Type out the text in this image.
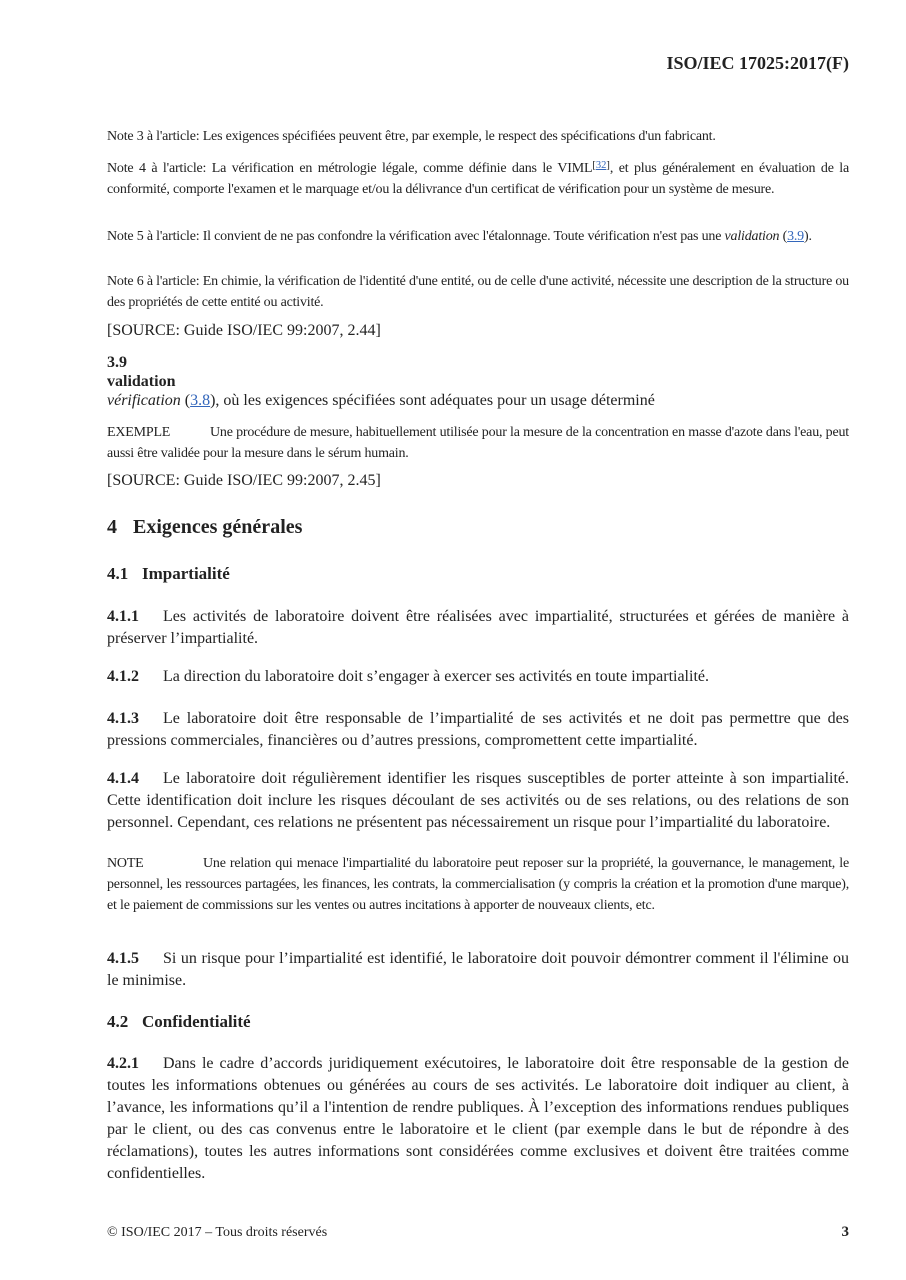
ISO/IEC 17025:2017(F)
Note 3 à l'article: Les exigences spécifiées peuvent être, par exemple, le respect des spécifications d'un fabricant.
Note 4 à l'article: La vérification en métrologie légale, comme définie dans le VIML[32], et plus généralement en évaluation de la conformité, comporte l'examen et le marquage et/ou la délivrance d'un certificat de vérification pour un système de mesure.
Note 5 à l'article: Il convient de ne pas confondre la vérification avec l'étalonnage. Toute vérification n'est pas une validation (3.9).
Note 6 à l'article: En chimie, la vérification de l'identité d'une entité, ou de celle d'une activité, nécessite une description de la structure ou des propriétés de cette entité ou activité.
[SOURCE: Guide ISO/IEC 99:2007, 2.44]
3.9
validation
vérification (3.8), où les exigences spécifiées sont adéquates pour un usage déterminé
EXEMPLE	Une procédure de mesure, habituellement utilisée pour la mesure de la concentration en masse d'azote dans l'eau, peut aussi être validée pour la mesure dans le sérum humain.
[SOURCE: Guide ISO/IEC 99:2007, 2.45]
4 Exigences générales
4.1 Impartialité
4.1.1 Les activités de laboratoire doivent être réalisées avec impartialité, structurées et gérées de manière à préserver l’impartialité.
4.1.2 La direction du laboratoire doit s’engager à exercer ses activités en toute impartialité.
4.1.3 Le laboratoire doit être responsable de l’impartialité de ses activités et ne doit pas permettre que des pressions commerciales, financières ou d’autres pressions, compromettent cette impartialité.
4.1.4 Le laboratoire doit régulièrement identifier les risques susceptibles de porter atteinte à son impartialité. Cette identification doit inclure les risques découlant de ses activités ou de ses relations, ou des relations de son personnel. Cependant, ces relations ne présentent pas nécessairement un risque pour l’impartialité du laboratoire.
NOTE	Une relation qui menace l'impartialité du laboratoire peut reposer sur la propriété, la gouvernance, le management, le personnel, les ressources partagées, les finances, les contrats, la commercialisation (y compris la création et la promotion d'une marque), et le paiement de commissions sur les ventes ou autres incitations à apporter de nouveaux clients, etc.
4.1.5 Si un risque pour l’impartialité est identifié, le laboratoire doit pouvoir démontrer comment il l'élimine ou le minimise.
4.2 Confidentialité
4.2.1 Dans le cadre d’accords juridiquement exécutoires, le laboratoire doit être responsable de la gestion de toutes les informations obtenues ou générées au cours de ses activités. Le laboratoire doit indiquer au client, à l’avance, les informations qu’il a l'intention de rendre publiques. À l’exception des informations rendues publiques par le client, ou des cas convenus entre le laboratoire et le client (par exemple dans le but de répondre à des réclamations), toutes les autres informations sont considérées comme exclusives et doivent être traitées comme confidentielles.
© ISO/IEC 2017 – Tous droits réservés	3
